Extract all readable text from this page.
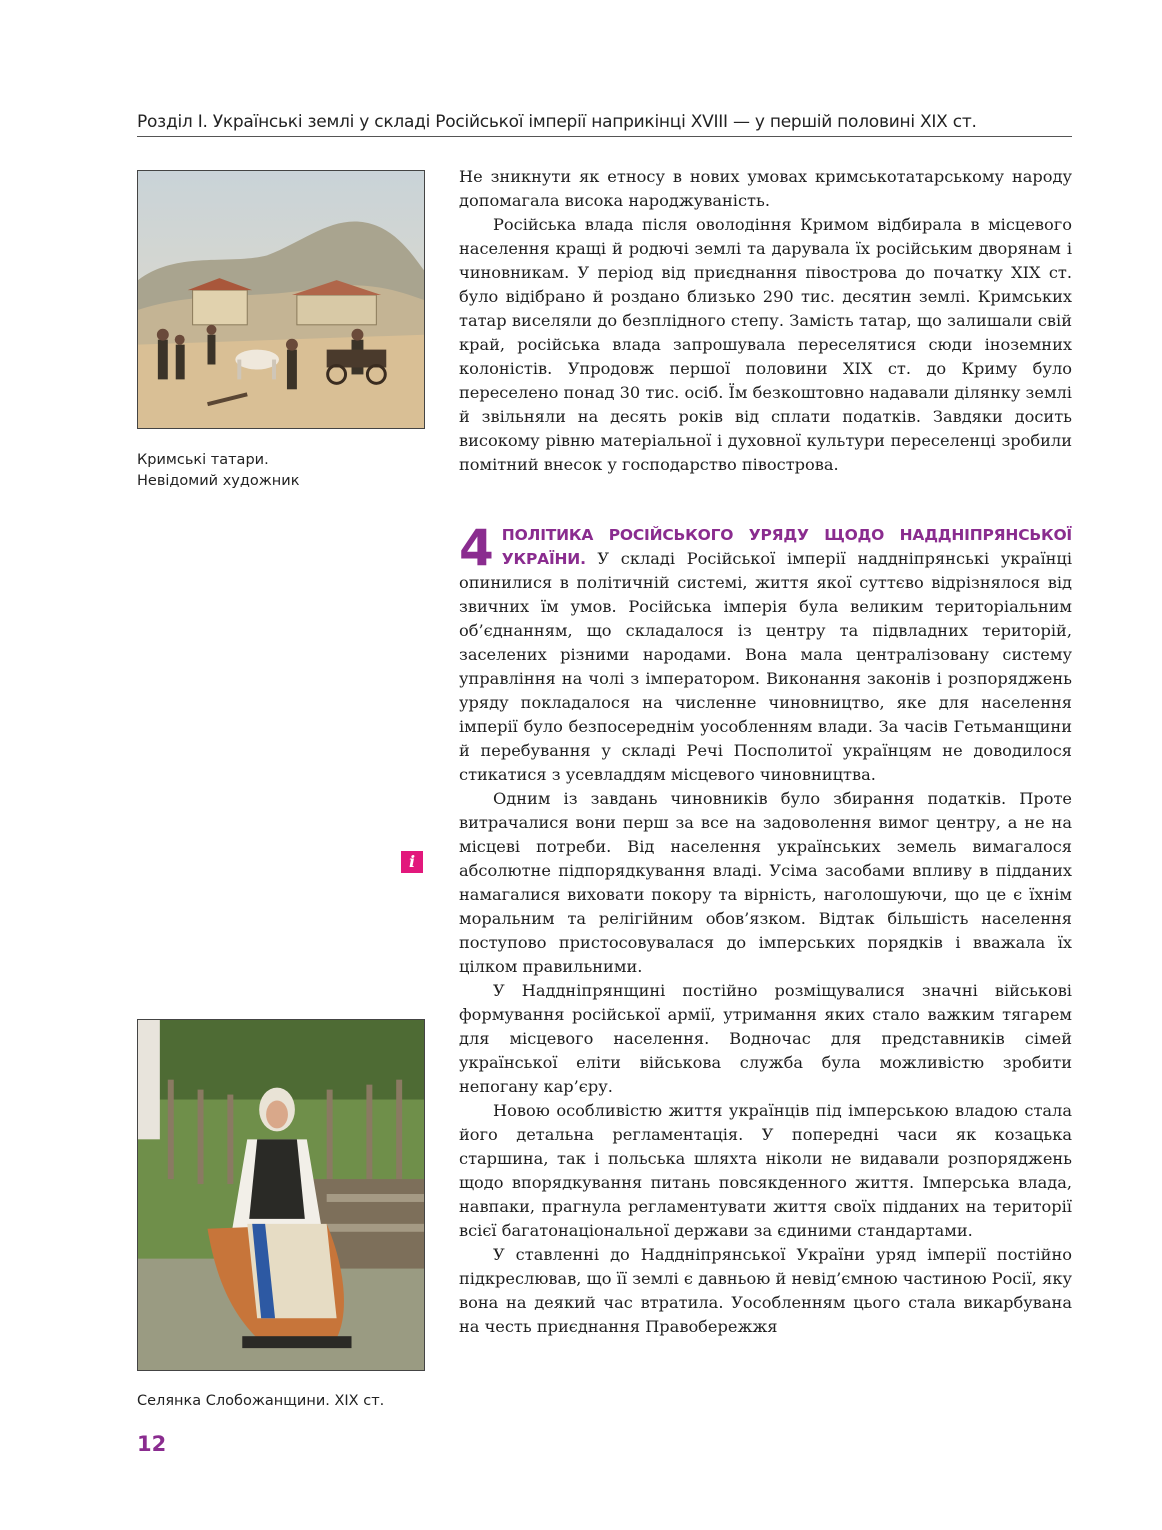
Розділ І. Українські землі у складі Російської імперії наприкінці XVIII — у першій половині XIX ст.
Кримські татари.
Невідомий художник
i
Селянка Слобожанщини. XIX ст.

Не зникнути як етносу в нових умовах кримськотатарському народу допомагала висока народжуваність.

Російська влада після оволодіння Кримом відбирала в місцевого населення кращі й родючі землі та дарувала їх російським дворянам і чиновникам. У період від приєднання півострова до початку XIX ст. було відібрано й роздано близько 290 тис. десятин землі. Кримських татар виселяли до безплідного степу. Замість татар, що залишали свій край, російська влада запрошувала переселятися сюди іноземних колоністів. Упродовж першої половини XIX ст. до Криму було переселено понад 30 тис. осіб. Їм безкоштовно надавали ділянку землі й звільняли на десять років від сплати податків. Завдяки досить високому рівню матеріальної і духовної культури переселенці зробили помітний внесок у господарство півострова.

4 ПОЛІТИКА РОСІЙСЬКОГО УРЯДУ ЩОДО НАДДНІПРЯНСЬКОЇ УКРАЇНИ. У складі Російської імперії наддніпрянські українці опинилися в політичній системі, життя якої суттєво відрізнялося від звичних їм умов. Російська імперія була великим територіальним об’єднанням, що складалося із центру та підвладних територій, заселених різними народами. Вона мала централізовану систему управління на чолі з імператором. Виконання законів і розпоряджень уряду покладалося на численне чиновництво, яке для населення імперії було безпосереднім уособленням влади. За часів Гетьманщини й перебування у складі Речі Посполитої українцям не доводилося стикатися з усевладдям місцевого чиновництва.

Одним із завдань чиновників було збирання податків. Проте витрачалися вони перш за все на задоволення вимог центру, а не на місцеві потреби. Від населення українських земель вимагалося абсолютне підпорядкування владі. Усіма засобами впливу в підданих намагалися виховати покору та вірність, наголошуючи, що це є їхнім моральним та релігійним обов’язком. Відтак більшість населення поступово пристосовувалася до імперських порядків і вважала їх цілком правильними.

У Наддніпрянщині постійно розміщувалися значні військові формування російської армії, утримання яких стало важким тягарем для місцевого населення. Водночас для представників сімей української еліти військова служба була можливістю зробити непогану кар’єру.

Новою особливістю життя українців під імперською владою стала його детальна регламентація. У попередні часи як козацька старшина, так і польська шляхта ніколи не видавали розпоряджень щодо впорядкування питань повсякденного життя. Імперська влада, навпаки, прагнула регламентувати життя своїх підданих на території всієї багатонаціональної держави за єдиними стандартами.

У ставленні до Наддніпрянської України уряд імперії постійно підкреслював, що її землі є давньою й невід’ємною частиною Росії, яку вона на деякий час втратила. Уособленням цього стала викарбувана на честь приєднання Правобережжя

12
